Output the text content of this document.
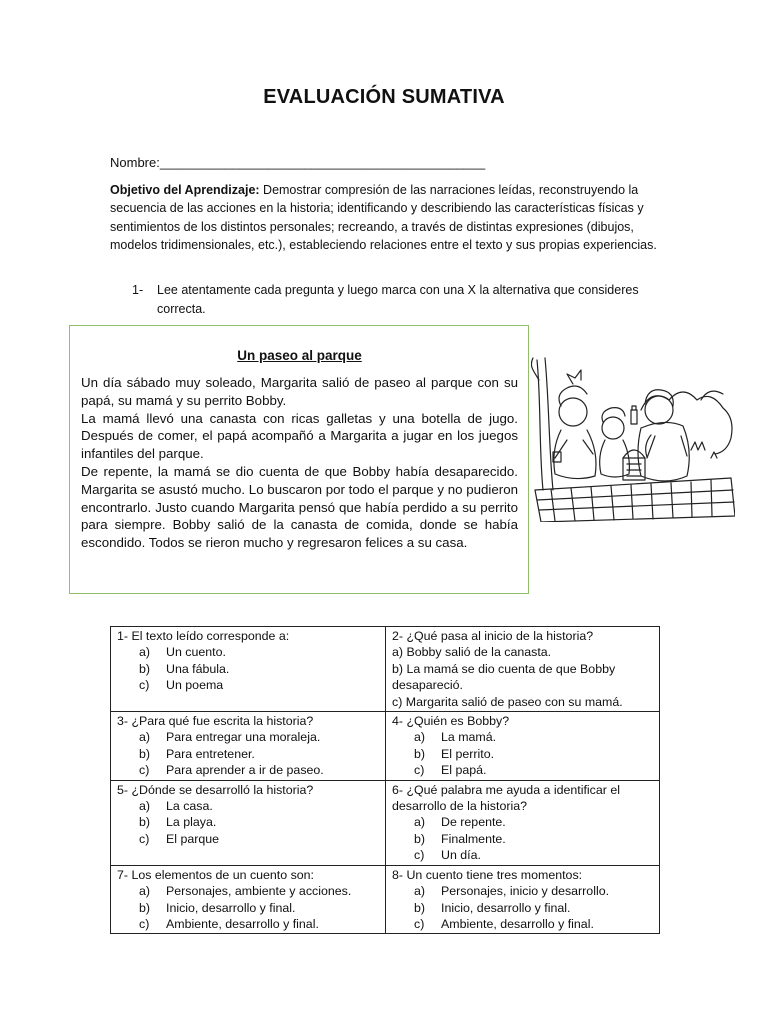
EVALUACIÓN SUMATIVA
Nombre:_____________________________________________
Objetivo del Aprendizaje: Demostrar compresión de las narraciones leídas, reconstruyendo la secuencia de las acciones en la historia; identificando y describiendo las características físicas y sentimientos de los distintos personales; recreando, a través de distintas expresiones (dibujos, modelos tridimensionales, etc.), estableciendo relaciones entre el texto y sus propias experiencias.
1- Lee atentamente cada pregunta y luego marca con una X la alternativa que consideres correcta.
Un paseo al parque

Un día sábado muy soleado, Margarita salió de paseo al parque con su papá, su mamá y su perrito Bobby.

La mamá llevó una canasta con ricas galletas y una botella de jugo. Después de comer, el papá acompañó a Margarita a jugar en los juegos infantiles del parque.

De repente, la mamá se dio cuenta de que Bobby había desaparecido. Margarita se asustó mucho. Lo buscaron por todo el parque y no pudieron encontrarlo. Justo cuando Margarita pensó que había perdido a su perrito para siempre. Bobby salió de la canasta de comida, donde se había escondido. Todos se rieron mucho y regresaron felices a su casa.

1- El texto leído corresponde a:
a) Un cuento.
b) Una fábula.
c) Un poema	2- ¿Qué pasa al inicio de la historia?
a) Bobby salió de la canasta.
b) La mamá se dio cuenta de que Bobby desapareció.
c) Margarita salió de paseo con su mamá.

3- ¿Para qué fue escrita la historia?
a) Para entregar una moraleja.
b) Para entretener.
c) Para aprender a ir de paseo.	4- ¿Quién es Bobby?
a) La mamá.
b) El perrito.
c) El papá.

5- ¿Dónde se desarrolló la historia?
a) La casa.
b) La playa.
c) El parque	6- ¿Qué palabra me ayuda a identificar el desarrollo de la historia?
a) De repente.
b) Finalmente.
c) Un día.

7- Los elementos de un cuento son:
a) Personajes, ambiente y acciones.
b) Inicio, desarrollo y final.
c) Ambiente, desarrollo y final.	8- Un cuento tiene tres momentos:
a) Personajes, inicio y desarrollo.
b) Inicio, desarrollo y final.
c) Ambiente, desarrollo y final.
